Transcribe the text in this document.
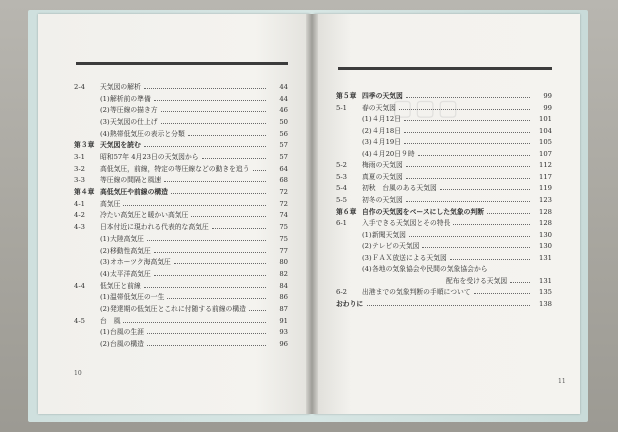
▢▢▢
2-4 天気図の解析	44
(1) 解析前の準備	44
(2) 等圧線の描き方	46
(3) 天気図の仕上げ	50
(4) 熱帯低気圧の表示と分類	56
第３章 天気図を読む	57
3-1 昭和57年 4月23日の天気図から	57
3-2 高低気圧，前線，特定の等圧線などの動きを追う	64
3-3 等圧線の間隔と風速	68
第４章 高低気圧や前線の構造	72
4-1 高気圧	72
4-2 冷たい高気圧と暖かい高気圧	74
4-3 日本付近に現われる代表的な高気圧	75
(1) 大陸高気圧	75
(2) 移動性高気圧	77
(3) オホーツク海高気圧	80
(4) 太平洋高気圧	82
4-4 低気圧と前線	84
(1) 温帯低気圧の一生	86
(2) 発達期の低気圧とこれに付随する前線の構造	87
4-5 台　風	91
(1) 台風の生涯	93
(2) 台風の構造	96
第５章 四季の天気図	99
5-1 春の天気図	99
(1) ４月12日	101
(2) ４月18日	104
(3) ４月19日	105
(4) ４月20日９時	107
5-2 梅雨の天気図	112
5-3 真夏の天気図	117
5-4 初秋　台風のある天気図	119
5-5 初冬の天気図	123
第６章 自作の天気図をベースにした気象の判断	128
6-1 入手できる天気図とその特長	128
(1) 新聞天気図	130
(2) テレビの天気図	130
(3) ＦＡＸ放送による天気図	131
(4) 各地の気象協会や民間の気象協会から
配布を受ける天気図	131
6-2 出港までの気象判断の手順について	135
おわりに	138
10
11
